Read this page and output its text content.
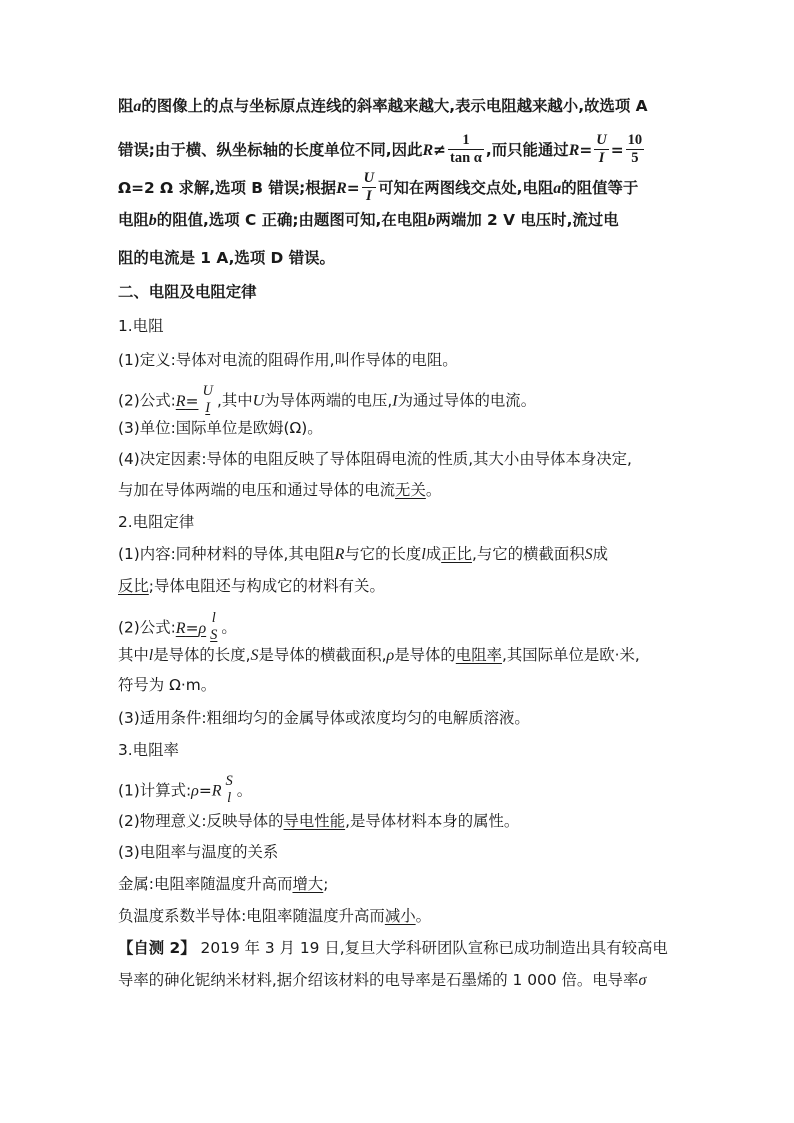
阻a的图像上的点与坐标原点连线的斜率越来越大,表示电阻越来越小,故选项 A
错误;由于横、纵坐标轴的长度单位不同,因此$R\ne \frac{1}{\text{tan α}}$ ,而只能通过$R= \frac{U}{I} = \frac{10}{5}$
Ω=2 Ω 求解,选项 B 错误;根据$R= \frac{U}{I}$ 可知在两图线交点处,电阻a的阻值等于
电阻b的阻值,选项 C 正确;由题图可知,在电阻b两端加 2 V 电压时,流过电
阻的电流是 1 A,选项 D 错误。
二、电阻及电阻定律
1.电阻
(1)定义:导体对电流的阻碍作用,叫作导体的电阻。
(2)公式:R=
U
I ,其中U为导体两端的电压,I为通过导体的电流。
(3)单位:国际单位是欧姆(Ω)。
(4)决定因素:导体的电阻反映了导体阻碍电流的性质,其大小由导体本身决定,
与加在导体两端的电压和通过导体的电流无关。
2.电阻定律
(1)内容:同种材料的导体,其电阻R与它的长度l成正比,与它的横截面积S成
反比;导体电阻还与构成它的材料有关。
(2)公式:R=ρ
l
S 。
其中l是导体的长度,S是导体的横截面积,ρ是导体的电阻率,其国际单位是欧·米,
符号为 Ω·m。
(3)适用条件:粗细均匀的金属导体或浓度均匀的电解质溶液。
3.电阻率
(1)计算式:ρ=R
S
l 。
(2)物理意义:反映导体的导电性能,是导体材料本身的属性。
(3)电阻率与温度的关系
金属:电阻率随温度升高而增大;
负温度系数半导体:电阻率随温度升高而减小。
【自测 2】 2019 年 3 月 19 日,复旦大学科研团队宣称已成功制造出具有较高电
导率的砷化铌纳米材料,据介绍该材料的电导率是石墨烯的 1 000 倍。电导率σ
